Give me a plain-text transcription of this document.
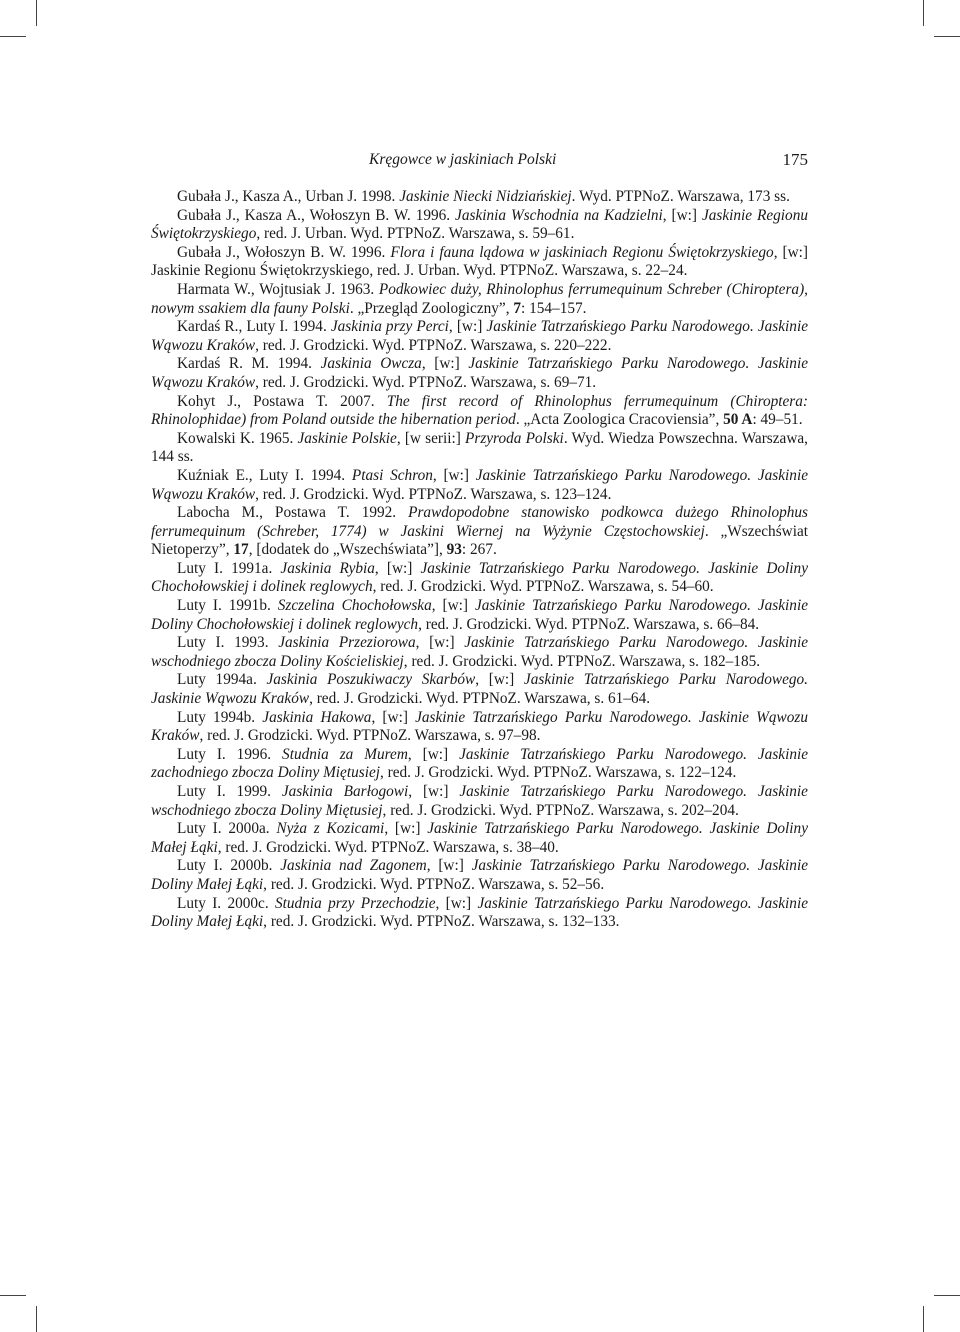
Kręgowce w jaskiniach Polski	175

Gubała J., Kasza A., Urban J. 1998. Jaskinie Niecki Nidziańskiej. Wyd. PTPNoZ. Warszawa, 173 ss.

Gubała J., Kasza A., Wołoszyn B. W. 1996. Jaskinia Wschodnia na Kadzielni, [w:] Jaskinie Regionu Świętokrzyskiego, red. J. Urban. Wyd. PTPNoZ. Warszawa, s. 59–61.

Gubała J., Wołoszyn B. W. 1996. Flora i fauna lądowa w jaskiniach Regionu Świętokrzyskiego, [w:] Jaskinie Regionu Świętokrzyskiego, red. J. Urban. Wyd. PTPNoZ. Warszawa, s. 22–24.

Harmata W., Wojtusiak J. 1963. Podkowiec duży, Rhinolophus ferrumequinum Schreber (Chiroptera), nowym ssakiem dla fauny Polski. „Przegląd Zoologiczny”, 7: 154–157.

Kardaś R., Luty I. 1994. Jaskinia przy Perci, [w:] Jaskinie Tatrzańskiego Parku Narodowego. Jaskinie Wąwozu Kraków, red. J. Grodzicki. Wyd. PTPNoZ. Warszawa, s. 220–222.

Kardaś R. M. 1994. Jaskinia Owcza, [w:] Jaskinie Tatrzańskiego Parku Narodowego. Jaskinie Wąwozu Kraków, red. J. Grodzicki. Wyd. PTPNoZ. Warszawa, s. 69–71.

Kohyt J., Postawa T. 2007. The first record of Rhinolophus ferrumequinum (Chiroptera: Rhinolophidae) from Poland outside the hibernation period. „Acta Zoologica Cracoviensia”, 50 A: 49–51.

Kowalski K. 1965. Jaskinie Polskie, [w serii:] Przyroda Polski. Wyd. Wiedza Powszechna. Warszawa, 144 ss.

Kuźniak E., Luty I. 1994. Ptasi Schron, [w:] Jaskinie Tatrzańskiego Parku Narodowego. Jaskinie Wąwozu Kraków, red. J. Grodzicki. Wyd. PTPNoZ. Warszawa, s. 123–124.

Labocha M., Postawa T. 1992. Prawdopodobne stanowisko podkowca dużego Rhinolophus ferrumequinum (Schreber, 1774) w Jaskini Wiernej na Wyżynie Częstochowskiej. „Wszechświat Nietoperzy”, 17, [dodatek do „Wszechświata”], 93: 267.

Luty I. 1991a. Jaskinia Rybia, [w:] Jaskinie Tatrzańskiego Parku Narodowego. Jaskinie Doliny Chochołowskiej i dolinek reglowych, red. J. Grodzicki. Wyd. PTPNoZ. Warszawa, s. 54–60.

Luty I. 1991b. Szczelina Chochołowska, [w:] Jaskinie Tatrzańskiego Parku Narodowego. Jaskinie Doliny Chochołowskiej i dolinek reglowych, red. J. Grodzicki. Wyd. PTPNoZ. Warszawa, s. 66–84.

Luty I. 1993. Jaskinia Przeziorowa, [w:] Jaskinie Tatrzańskiego Parku Narodowego. Jaskinie wschodniego zbocza Doliny Kościeliskiej, red. J. Grodzicki. Wyd. PTPNoZ. Warszawa, s. 182–185.

Luty 1994a. Jaskinia Poszukiwaczy Skarbów, [w:] Jaskinie Tatrzańskiego Parku Narodowego. Jaskinie Wąwozu Kraków, red. J. Grodzicki. Wyd. PTPNoZ. Warszawa, s. 61–64.

Luty 1994b. Jaskinia Hakowa, [w:] Jaskinie Tatrzańskiego Parku Narodowego. Jaskinie Wąwozu Kraków, red. J. Grodzicki. Wyd. PTPNoZ. Warszawa, s. 97–98.

Luty I. 1996. Studnia za Murem, [w:] Jaskinie Tatrzańskiego Parku Narodowego. Jaskinie zachodniego zbocza Doliny Miętusiej, red. J. Grodzicki. Wyd. PTPNoZ. Warszawa, s. 122–124.

Luty I. 1999. Jaskinia Barłogowi, [w:] Jaskinie Tatrzańskiego Parku Narodowego. Jaskinie wschodniego zbocza Doliny Miętusiej, red. J. Grodzicki. Wyd. PTPNoZ. Warszawa, s. 202–204.

Luty I. 2000a. Nyża z Kozicami, [w:] Jaskinie Tatrzańskiego Parku Narodowego. Jaskinie Doliny Małej Łąki, red. J. Grodzicki. Wyd. PTPNoZ. Warszawa, s. 38–40.

Luty I. 2000b. Jaskinia nad Zagonem, [w:] Jaskinie Tatrzańskiego Parku Narodowego. Jaskinie Doliny Małej Łąki, red. J. Grodzicki. Wyd. PTPNoZ. Warszawa, s. 52–56.

Luty I. 2000c. Studnia przy Przechodzie, [w:] Jaskinie Tatrzańskiego Parku Narodowego. Jaskinie Doliny Małej Łąki, red. J. Grodzicki. Wyd. PTPNoZ. Warszawa, s. 132–133.
